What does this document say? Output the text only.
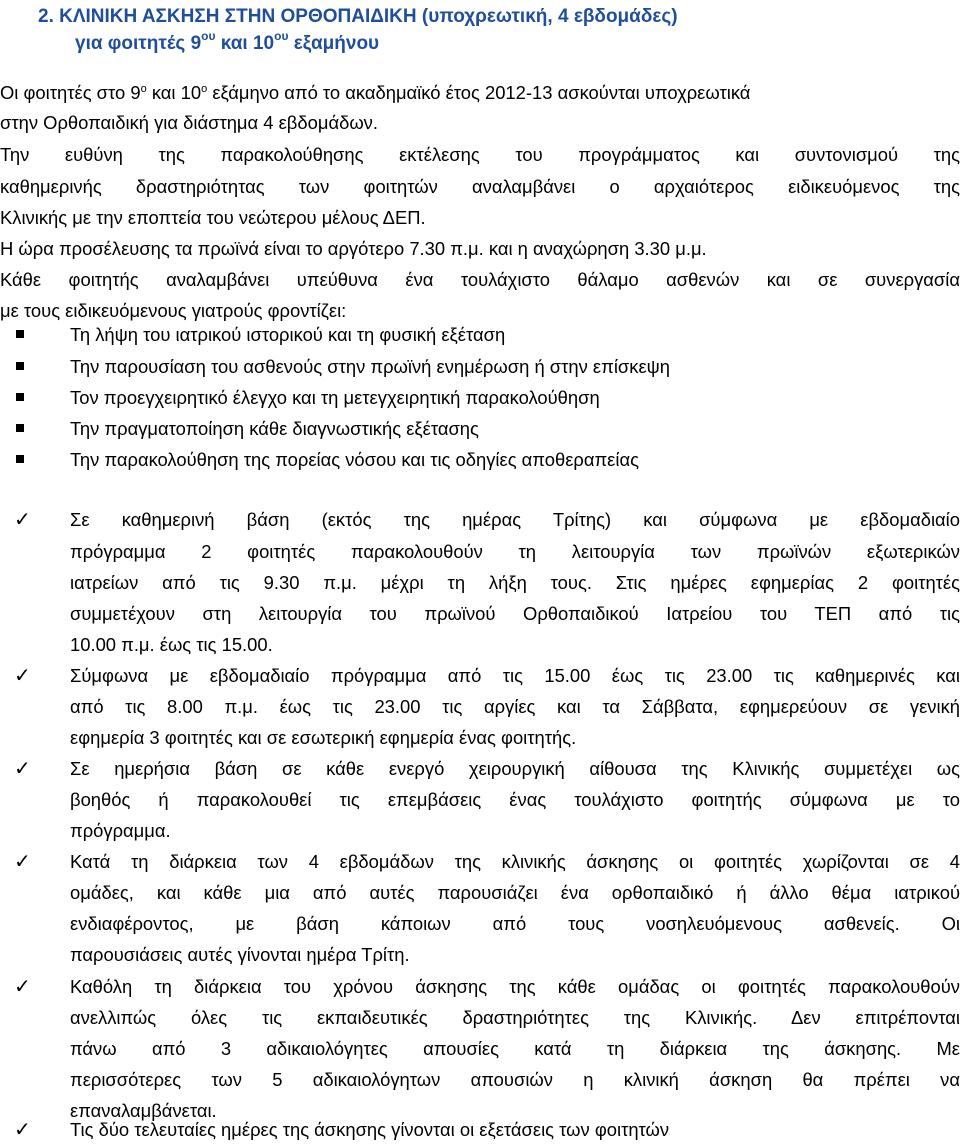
2. ΚΛΙΝΙΚΗ ΑΣΚΗΣΗ ΣΤΗΝ ΟΡΘΟΠΑΙΔΙΚΗ (υποχρεωτική, 4 εβδομάδες)
για φοιτητές $9^{o\upsilon}$ και $10^{o\upsilon}$ εξαμήνου
Οι φοιτητές στο $9^o$ και $10^o$ εξάμηνο από το ακαδημαϊκό έτος 2012-13 ασκούνται υποχρεωτικά
στην Ορθοπαιδική για διάστημα 4 εβδομάδων.
Την ευθύνη της παρακολούθησης εκτέλεσης του προγράμματος και συντονισμού της
καθημερινής δραστηριότητας των φοιτητών αναλαμβάνει ο αρχαιότερος ειδικευόμενος της
Κλινικής με την εποπτεία του νεώτερου μέλους ΔΕΠ.
Η ώρα προσέλευσης τα πρωϊνά είναι το αργότερο 7.30 π.μ. και η αναχώρηση 3.30 μ.μ.
Κάθε φοιτητής αναλαμβάνει υπεύθυνα ένα τουλάχιστο θάλαμο ασθενών και σε συνεργασία
με τους ειδικευόμενους γιατρούς φροντίζει:
Τη λήψη του ιατρικού ιστορικού και τη φυσική εξέταση
Την παρουσίαση του ασθενούς στην πρωϊνή ενημέρωση ή στην επίσκεψη
Τον προεγχειρητικό έλεγχο και τη μετεγχειρητική παρακολούθηση
Την πραγματοποίηση κάθε διαγνωστικής εξέτασης
Την παρακολούθηση της πορείας νόσου και τις οδηγίες αποθεραπείας
✓ Σε καθημερινή βάση (εκτός της ημέρας Τρίτης) και σύμφωνα με εβδομαδιαίο
πρόγραμμα 2 φοιτητές παρακολουθούν τη λειτουργία των πρωϊνών εξωτερικών
ιατρείων από τις 9.30 π.μ. μέχρι τη λήξη τους. Στις ημέρες εφημερίας 2 φοιτητές
συμμετέχουν στη λειτουργία του πρωϊνού Ορθοπαιδικού Ιατρείου του ΤΕΠ από τις
10.00 π.μ. έως τις 15.00.
✓ Σύμφωνα με εβδομαδιαίο πρόγραμμα από τις 15.00 έως τις 23.00 τις καθημερινές και
από τις 8.00 π.μ. έως τις 23.00 τις αργίες και τα Σάββατα, εφημερεύουν σε γενική
εφημερία 3 φοιτητές και σε εσωτερική εφημερία ένας φοιτητής.
✓ Σε ημερήσια βάση σε κάθε ενεργό χειρουργική αίθουσα της Κλινικής συμμετέχει ως
βοηθός ή παρακολουθεί τις επεμβάσεις ένας τουλάχιστο φοιτητής σύμφωνα με το
πρόγραμμα.
✓ Κατά τη διάρκεια των 4 εβδομάδων της κλινικής άσκησης οι φοιτητές χωρίζονται σε 4
ομάδες, και κάθε μια από αυτές παρουσιάζει ένα ορθοπαιδικό ή άλλο θέμα ιατρικού
ενδιαφέροντος, με βάση κάποιων από τους νοσηλευόμενους ασθενείς. Οι
παρουσιάσεις αυτές γίνονται ημέρα Τρίτη.
✓ Καθόλη τη διάρκεια του χρόνου άσκησης της κάθε ομάδας οι φοιτητές παρακολουθούν
ανελλιπώς όλες τις εκπαιδευτικές δραστηριότητες της Κλινικής. Δεν επιτρέπονται
πάνω από 3 αδικαιολόγητες απουσίες κατά τη διάρκεια της άσκησης. Με
περισσότερες των 5 αδικαιολόγητων απουσιών η κλινική άσκηση θα πρέπει να
επαναλαμβάνεται.
✓ Τις δύο τελευταίες ημέρες της άσκησης γίνονται οι εξετάσεις των φοιτητών
